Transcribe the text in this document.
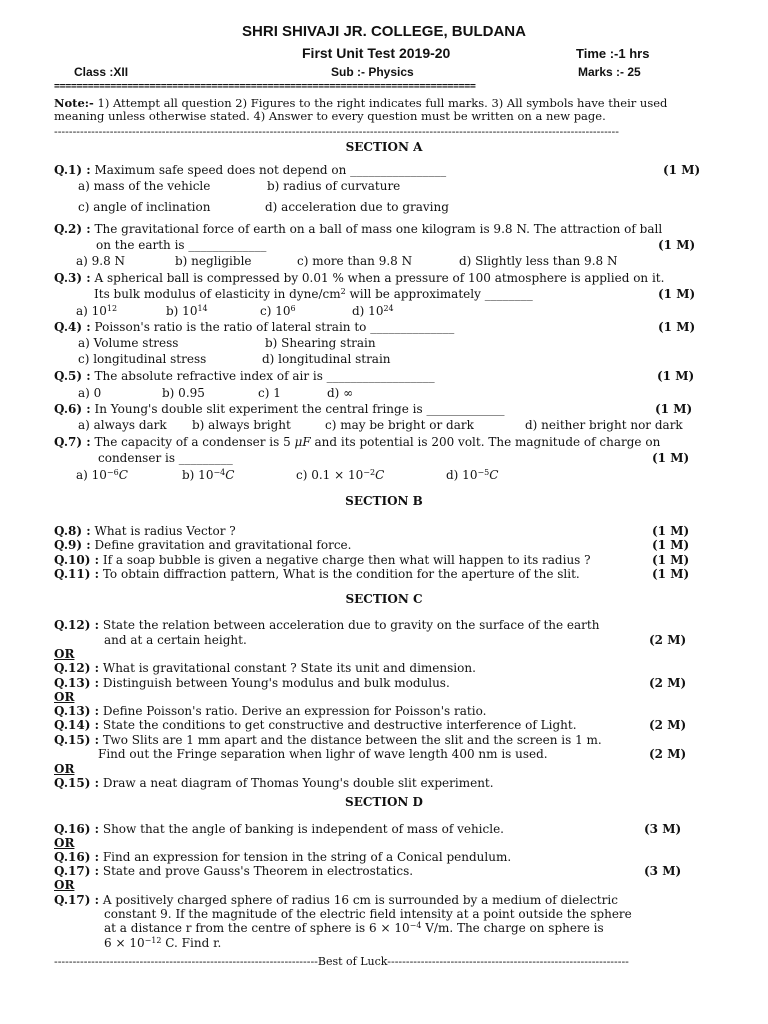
SHRI SHIVAJI JR. COLLEGE, BULDANA
First Unit Test 2019-20	Time :-1 hrs
Class :XII	Sub :- Physics	Marks :- 25
===========================================================================
Note:- 1) Attempt all question 2) Figures to the right indicates full marks. 3) All symbols have their used
meaning unless otherwise stated. 4) Answer to every question must be written on a new page.
--------------------------------------------------------------------------------------------------------------------------------------------------------
SECTION A
Q.1) : Maximum safe speed does not depend on ________________	(1 M)
a) mass of the vehicle	b) radius of curvature
c) angle of inclination	d) acceleration due to graving
Q.2) : The gravitational force of earth on a ball of mass one kilogram is 9.8 N. The attraction of ball
on the earth is _____________	(1 M)
a) 9.8 N	b) negligible	c) more than 9.8 N	d) Slightly less than 9.8 N
Q.3) : A spherical ball is compressed by 0.01 % when a pressure of 100 atmosphere is applied on it.
Its bulk modulus of elasticity in dyne/$cm^2$ will be approximately ________	(1 M)
a) $10^{12}$	b) $10^{14}$	c) $10^6$	d) $10^{24}$
Q.4) : Poisson's ratio is the ratio of lateral strain to ______________	(1 M)
a) Volume stress	b) Shearing strain
c) longitudinal stress	d) longitudinal strain
Q.5) : The absolute refractive index of air is __________________	(1 M)
a) 0	b) 0.95	c) 1	d) ∞
Q.6) : In Young's double slit experiment the central fringe is _____________	(1 M)
a) always dark b) always bright	c) may be bright or dark	d) neither bright nor dark
Q.7) : The capacity of a condenser is 5 μF and its potential is 200 volt. The magnitude of charge on
condenser is _________	(1 M)
a) $10^{-6}C$	b) $10^{-4}C$	c) $0.1 \times 10^{-2}C$	d) $10^{-5}C$
SECTION B
Q.8) : What is radius Vector ?	(1 M)
Q.9) : Define gravitation and gravitational force.	(1 M)
Q.10) : If a soap bubble is given a negative charge then what will happen to its radius ?	(1 M)
Q.11) : To obtain diffraction pattern, What is the condition for the aperture of the slit.	(1 M)
SECTION C
Q.12) : State the relation between acceleration due to gravity on the surface of the earth
and at a certain height.	(2 M)
OR
Q.12) : What is gravitational constant ? State its unit and dimension.
Q.13) : Distinguish between Young's modulus and bulk modulus.	(2 M)
OR
Q.13) : Define Poisson's ratio. Derive an expression for Poisson's ratio.
Q.14) : State the conditions to get constructive and destructive interference of Light.	(2 M)
Q.15) : Two Slits are 1 mm apart and the distance between the slit and the screen is 1 m.
Find out the Fringe separation when lighr of wave length 400 nm is used.	(2 M)
OR
Q.15) : Draw a neat diagram of Thomas Young's double slit experiment.
SECTION D
Q.16) : Show that the angle of banking is independent of mass of vehicle.	(3 M)
OR
Q.16) : Find an expression for tension in the string of a Conical pendulum.
Q.17) : State and prove Gauss's Theorem in electrostatics.	(3 M)
OR
Q.17) : A positively charged sphere of radius 16 cm is surrounded by a medium of dielectric
constant 9. If the magnitude of the electric field intensity at a point outside the sphere
at a distance r from the centre of sphere is $6 \times 10^{-4}$ V/m. The charge on sphere is
$6 \times 10^{-12}$ C. Find r.
-----------------------------------------------------------------------Best of Luck-----------------------------------------------------------------
